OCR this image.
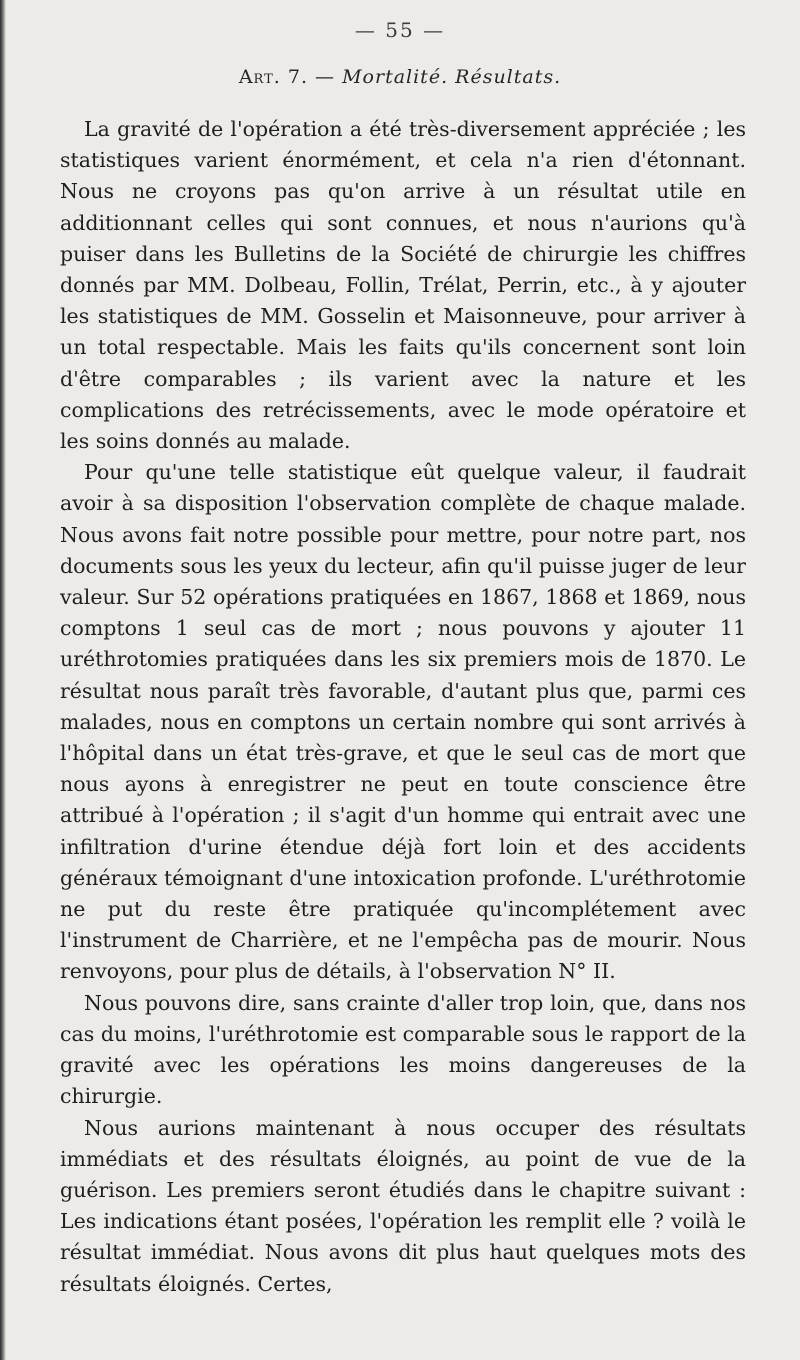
— 55 —
Art. 7. — Mortalité. Résultats.

La gravité de l'opération a été très-diversement appréciée ; les statistiques varient énormément, et cela n'a rien d'étonnant. Nous ne croyons pas qu'on arrive à un résultat utile en additionnant celles qui sont connues, et nous n'aurions qu'à puiser dans les Bulletins de la Société de chirurgie les chiffres donnés par MM. Dolbeau, Follin, Trélat, Perrin, etc., à y ajouter les statistiques de MM. Gosselin et Maisonneuve, pour arriver à un total respectable. Mais les faits qu'ils concernent sont loin d'être comparables ; ils varient avec la nature et les complications des retrécissements, avec le mode opératoire et les soins donnés au malade.

Pour qu'une telle statistique eût quelque valeur, il faudrait avoir à sa disposition l'observation complète de chaque malade. Nous avons fait notre possible pour mettre, pour notre part, nos documents sous les yeux du lecteur, afin qu'il puisse juger de leur valeur. Sur 52 opérations pratiquées en 1867, 1868 et 1869, nous comptons 1 seul cas de mort ; nous pouvons y ajouter 11 uréthrotomies pratiquées dans les six premiers mois de 1870. Le résultat nous paraît très favorable, d'autant plus que, parmi ces malades, nous en comptons un certain nombre qui sont arrivés à l'hôpital dans un état très-grave, et que le seul cas de mort que nous ayons à enregistrer ne peut en toute conscience être attribué à l'opération ; il s'agit d'un homme qui entrait avec une infiltration d'urine étendue déjà fort loin et des accidents généraux témoignant d'une intoxication profonde. L'uréthrotomie ne put du reste être pratiquée qu'incomplétement avec l'instrument de Charrière, et ne l'empêcha pas de mourir. Nous renvoyons, pour plus de détails, à l'observation N° II.

Nous pouvons dire, sans crainte d'aller trop loin, que, dans nos cas du moins, l'uréthrotomie est comparable sous le rapport de la gravité avec les opérations les moins dangereuses de la chirurgie.

Nous aurions maintenant à nous occuper des résultats immédiats et des résultats éloignés, au point de vue de la guérison. Les premiers seront étudiés dans le chapitre suivant : Les indications étant posées, l'opération les remplit elle ? voilà le résultat immédiat. Nous avons dit plus haut quelques mots des résultats éloignés. Certes,
